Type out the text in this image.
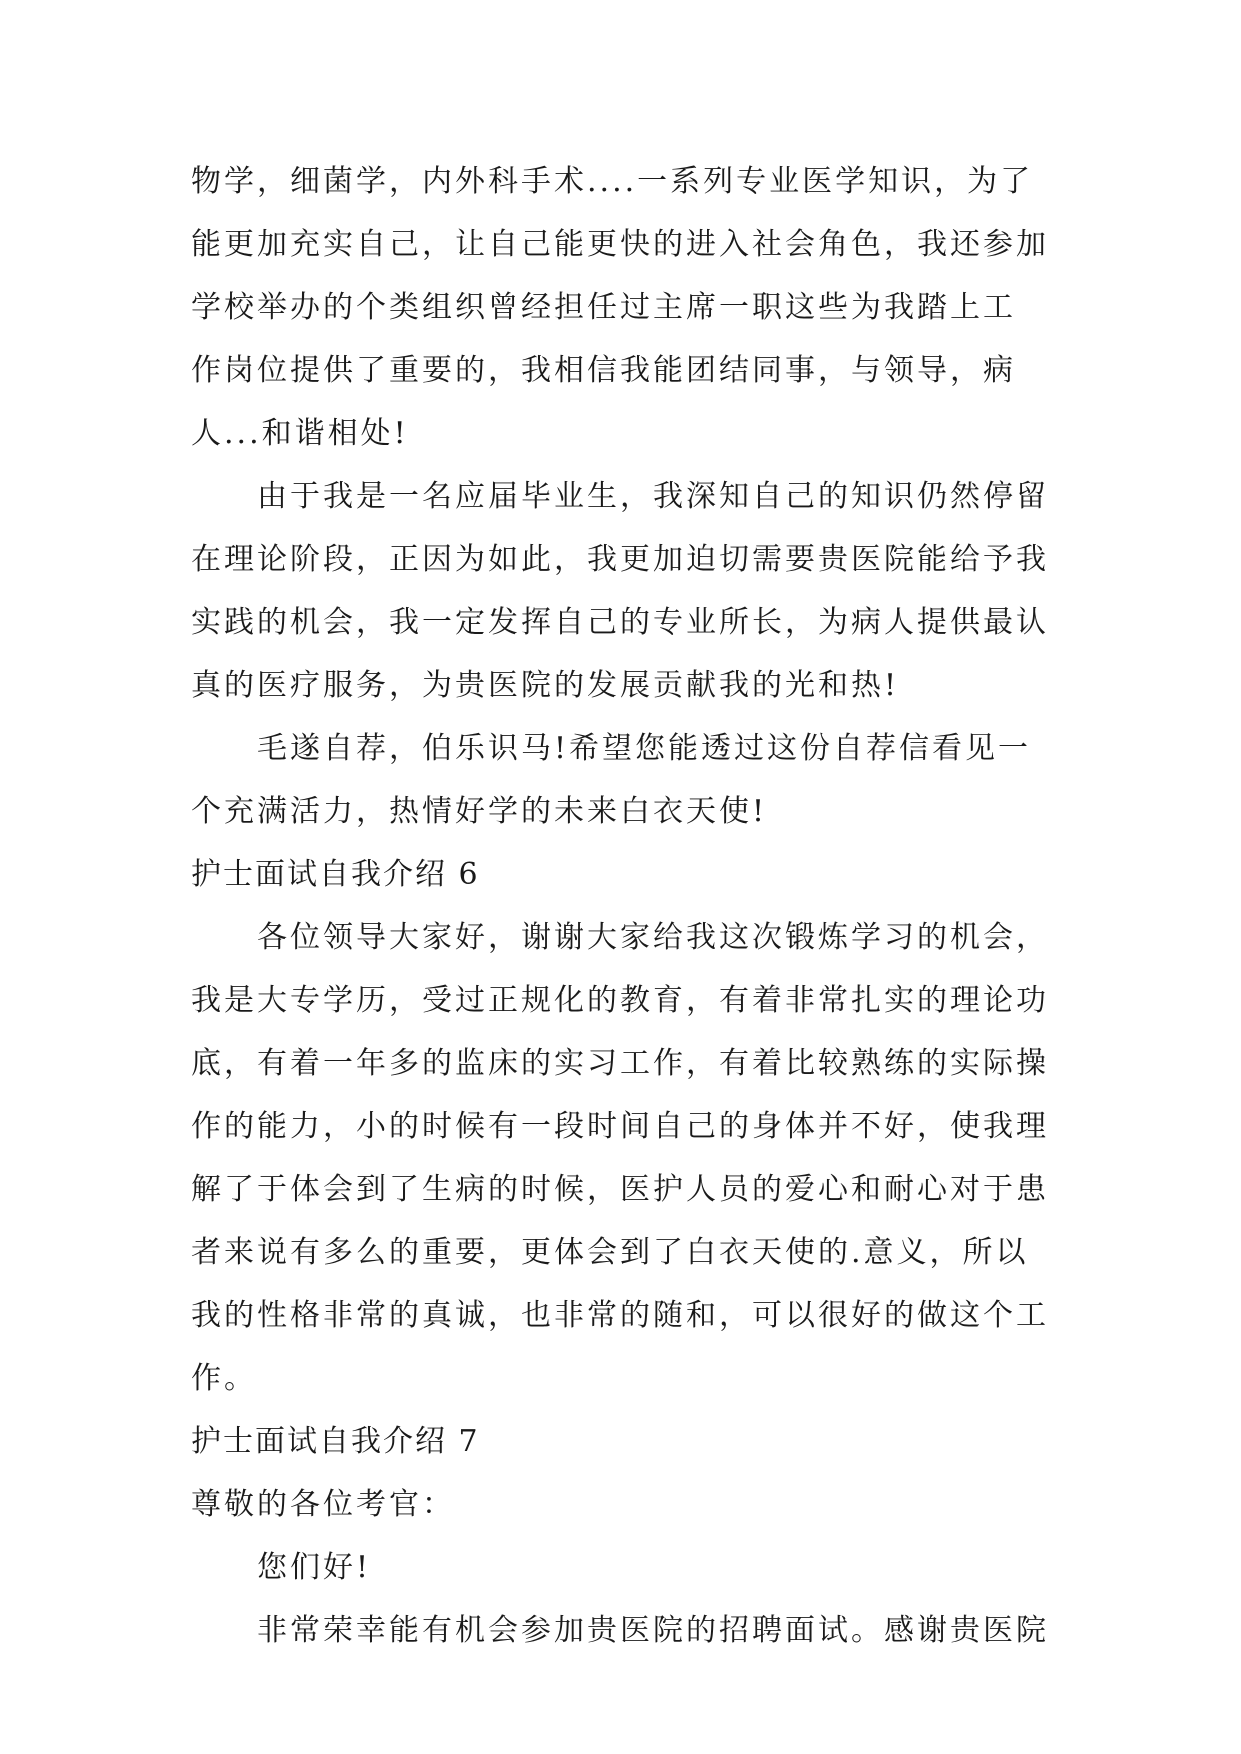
物学，细菌学，内外科手术....一系列专业医学知识，为了
能更加充实自己，让自己能更快的进入社会角色，我还参加
学校举办的个类组织曾经担任过主席一职这些为我踏上工
作岗位提供了重要的，我相信我能团结同事，与领导，病
人...和谐相处!
由于我是一名应届毕业生，我深知自己的知识仍然停留
在理论阶段，正因为如此，我更加迫切需要贵医院能给予我
实践的机会，我一定发挥自己的专业所长，为病人提供最认
真的医疗服务，为贵医院的发展贡献我的光和热!
毛遂自荐，伯乐识马!希望您能透过这份自荐信看见一
个充满活力，热情好学的未来白衣天使!
护士面试自我介绍 6
各位领导大家好，谢谢大家给我这次锻炼学习的机会，
我是大专学历，受过正规化的教育，有着非常扎实的理论功
底，有着一年多的监床的实习工作，有着比较熟练的实际操
作的能力，小的时候有一段时间自己的身体并不好，使我理
解了于体会到了生病的时候，医护人员的爱心和耐心对于患
者来说有多么的重要，更体会到了白衣天使的.意义，所以
我的性格非常的真诚，也非常的随和，可以很好的做这个工
作。
护士面试自我介绍 7
尊敬的各位考官：
您们好!
非常荣幸能有机会参加贵医院的招聘面试。感谢贵医院
